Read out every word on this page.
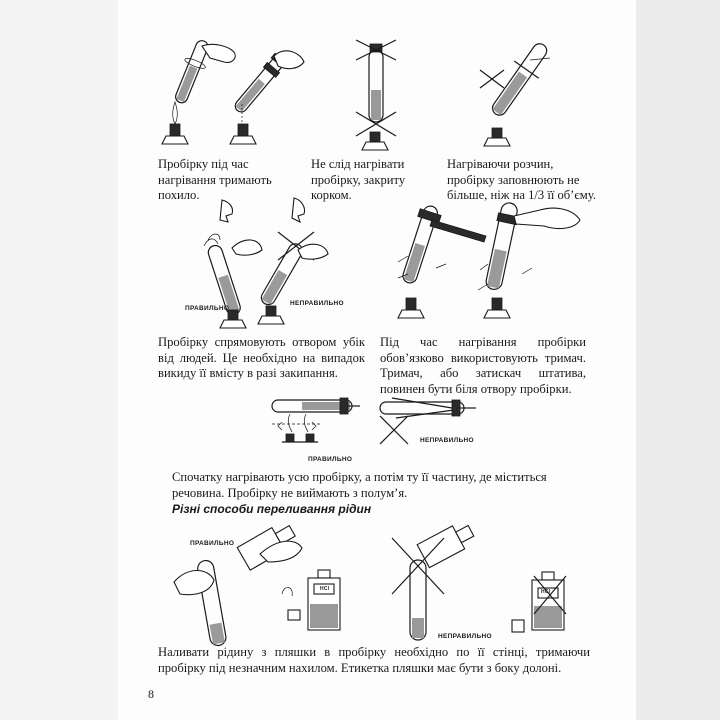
Пробірку під час нагрівання тримають похило.

Не слід нагрівати пробірку, закриту корком.

Нагріваючи розчин, пробірку заповнюють не більше, ніж на 1/3 її об’єму.

ПРАВИЛЬНО
НЕПРАВИЛЬНО

Пробірку спрямовують отвором убік від людей. Це необхідно на випадок викиду її вмісту в разі закипання.

Під час нагрівання пробірки обов’язково використовують тримач. Тримач, або затискач штатива, повинен бути біля отвору пробірки.

ПРАВИЛЬНО
НЕПРАВИЛЬНО

Спочатку нагрівають усю пробірку, а потім ту її частину, де міститься речовина. Пробірку не виймають з полум’я.

Різні способи переливання рідин

ПРАВИЛЬНО
HCl
НЕПРАВИЛЬНО
HCl

Наливати рідину з пляшки в пробірку необхідно по її стінці, тримаючи пробірку під незначним нахилом. Етикетка пляшки має бути з боку долоні.

8
